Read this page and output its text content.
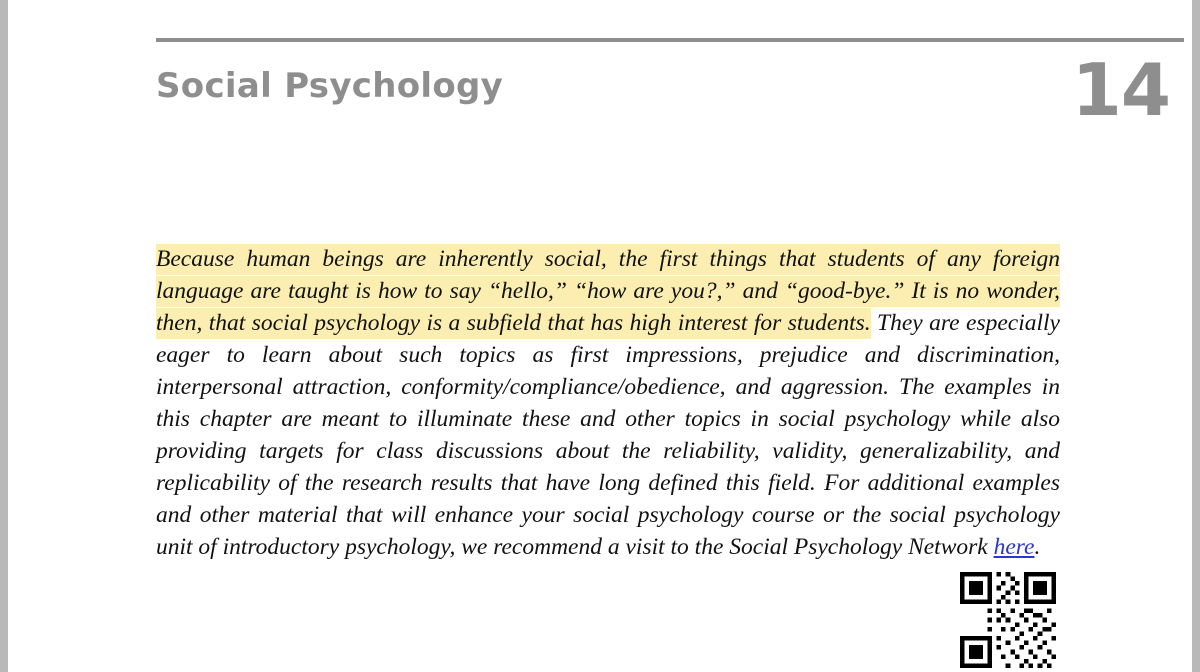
Social Psychology	14

Because human beings are inherently social, the first things that students of any foreign language are taught is how to say “hello,” “how are you?,” and “good-bye.” It is no wonder, then, that social psychology is a subfield that has high interest for students. They are especially eager to learn about such topics as first impressions, prejudice and discrimination, interpersonal attraction, conformity/compliance/obedience, and aggression. The examples in this chapter are meant to illuminate these and other topics in social psychology while also providing targets for class discussions about the reliability, validity, generalizability, and replicability of the research results that have long defined this field. For additional examples and other material that will enhance your social psychology course or the social psychology unit of introductory psychology, we recommend a visit to the Social Psychology Network here.
